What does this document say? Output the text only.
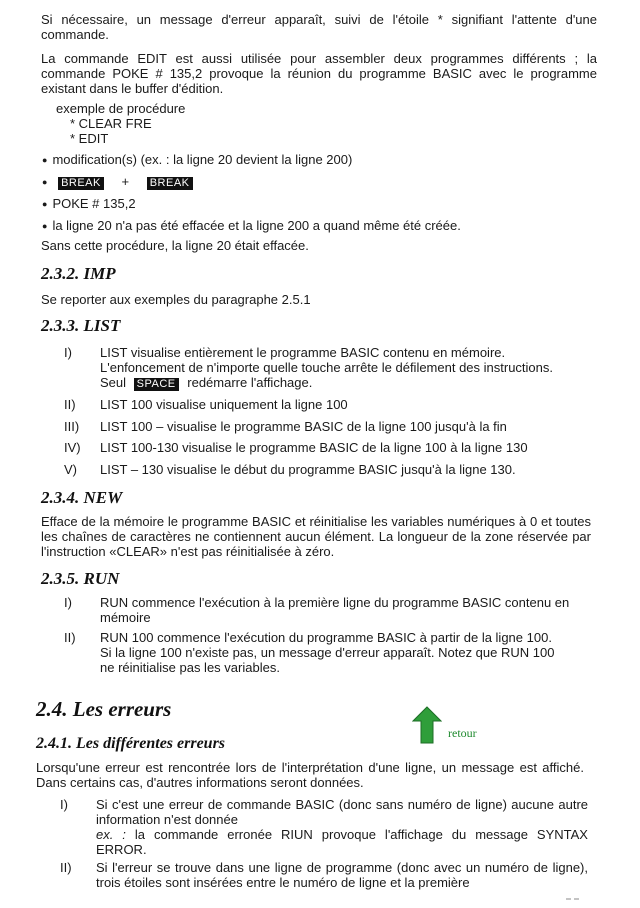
Si nécessaire, un message d'erreur apparaît, suivi de l'étoile * signifiant l'attente d'une commande.

La commande EDIT est aussi utilisée pour assembler deux programmes différents ; la commande POKE # 135,2 provoque la réunion du programme BASIC avec le programme existant dans le buffer d'édition.

exemple de procédure
* CLEAR FRE
* EDIT
● modification(s) (ex. : la ligne 20 devient la ligne 200)
● BREAK + BREAK
● POKE # 135,2
● la ligne 20 n'a pas été effacée et la ligne 200 a quand même été créée.
Sans cette procédure, la ligne 20 était effacée.
2.3.2. IMP
Se reporter aux exemples du paragraphe 2.5.1
2.3.3. LIST
I)	LIST visualise entièrement le programme BASIC contenu en mémoire.
L'enfoncement de n'importe quelle touche arrête le défilement des instructions.
Seul SPACE redémarre l'affichage.
II)	LIST 100 visualise uniquement la ligne 100
III)	LIST 100 – visualise le programme BASIC de la ligne 100 jusqu'à la fin
IV)	LIST 100-130 visualise le programme BASIC de la ligne 100 à la ligne 130
V)	LIST – 130 visualise le début du programme BASIC jusqu'à la ligne 130.
2.3.4. NEW

Efface de la mémoire le programme BASIC et réinitialise les variables numériques à 0 et toutes les chaînes de caractères ne contiennent aucun élément. La longueur de la zone réservée par l'instruction «CLEAR» n'est pas réinitialisée à zéro.

2.3.5. RUN
I)	RUN commence l'exécution à la première ligne du programme BASIC contenu en mémoire
II)	RUN 100 commence l'exécution du programme BASIC à partir de la ligne 100. Si la ligne 100 n'existe pas, un message d'erreur apparaît. Notez que RUN 100 ne réinitialise pas les variables.
2.4. Les erreurs
retour
2.4.1. Les différentes erreurs

Lorsqu'une erreur est rencontrée lors de l'interprétation d'une ligne, un message est affiché. Dans certains cas, d'autres informations seront données.

I)	Si c'est une erreur de commande BASIC (donc sans numéro de ligne) aucune autre information n'est donnée
ex. : la commande erronée RIUN provoque l'affichage du message SYNTAX ERROR.
II)	Si l'erreur se trouve dans une ligne de programme (donc avec un numéro de ligne), trois étoiles sont insérées entre le numéro de ligne et la première
